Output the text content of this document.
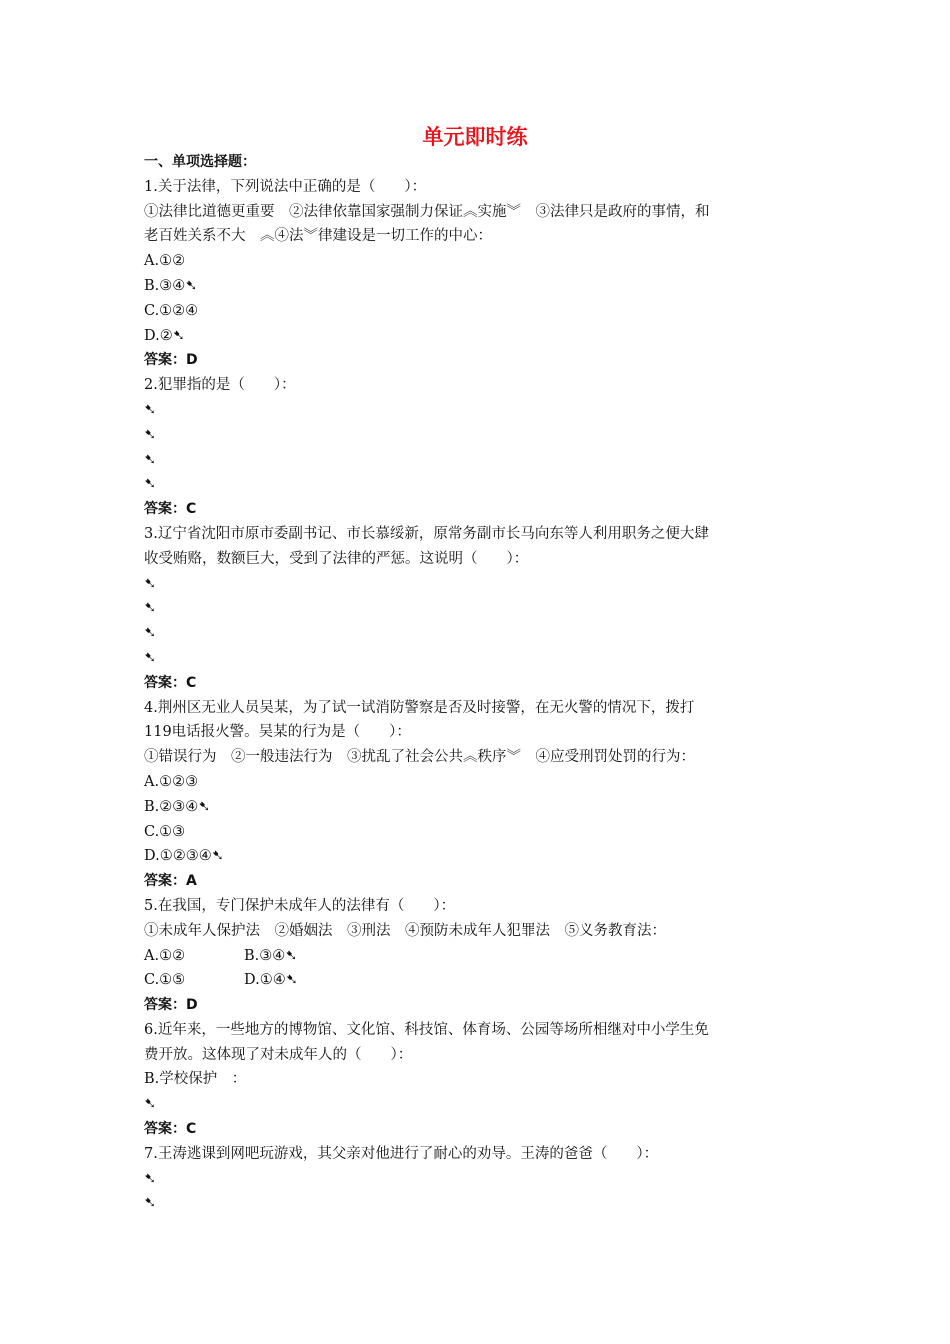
单元即时练
一、单项选择题：
1.关于法律，下列说法中正确的是（　　）：
①法律比道德更重要　②法律依靠国家强制力保证︽实施︾　③法律只是政府的事情，和
老百姓关系不大　︽④法︾律建设是一切工作的中心：
A.①②
B.③④➷
C.①②④
D.②➷
答案：D
2.犯罪指的是（　　）：
➷
➷
➷
➷
答案：C
3.辽宁省沈阳市原市委副书记、市长慕绥新，原常务副市长马向东等人利用职务之便大肆
收受贿赂，数额巨大，受到了法律的严惩。这说明（　　）：
➷
➷
➷
➷
答案：C
4.荆州区无业人员吴某，为了试一试消防警察是否及时接警，在无火警的情况下，拨打
119电话报火警。吴某的行为是（　　）：
①错误行为　②一般违法行为　③扰乱了社会公共︽秩序︾　④应受刑罚处罚的行为：
A.①②③
B.②③④➷
C.①③
D.①②③④➷
答案：A
5.在我国，专门保护未成年人的法律有（　　）：
①未成年人保护法　②婚姻法　③刑法　④预防未成年人犯罪法　⑤义务教育法：
A.①②	B.③④➷
C.①⑤	D.①④➷
答案：D
6.近年来，一些地方的博物馆、文化馆、科技馆、体育场、公园等场所相继对中小学生免
费开放。这体现了对未成年人的（　　）：
B.学校保护　：
➷
答案：C
7.王涛逃课到网吧玩游戏，其父亲对他进行了耐心的劝导。王涛的爸爸（　　）：
➷
➷
